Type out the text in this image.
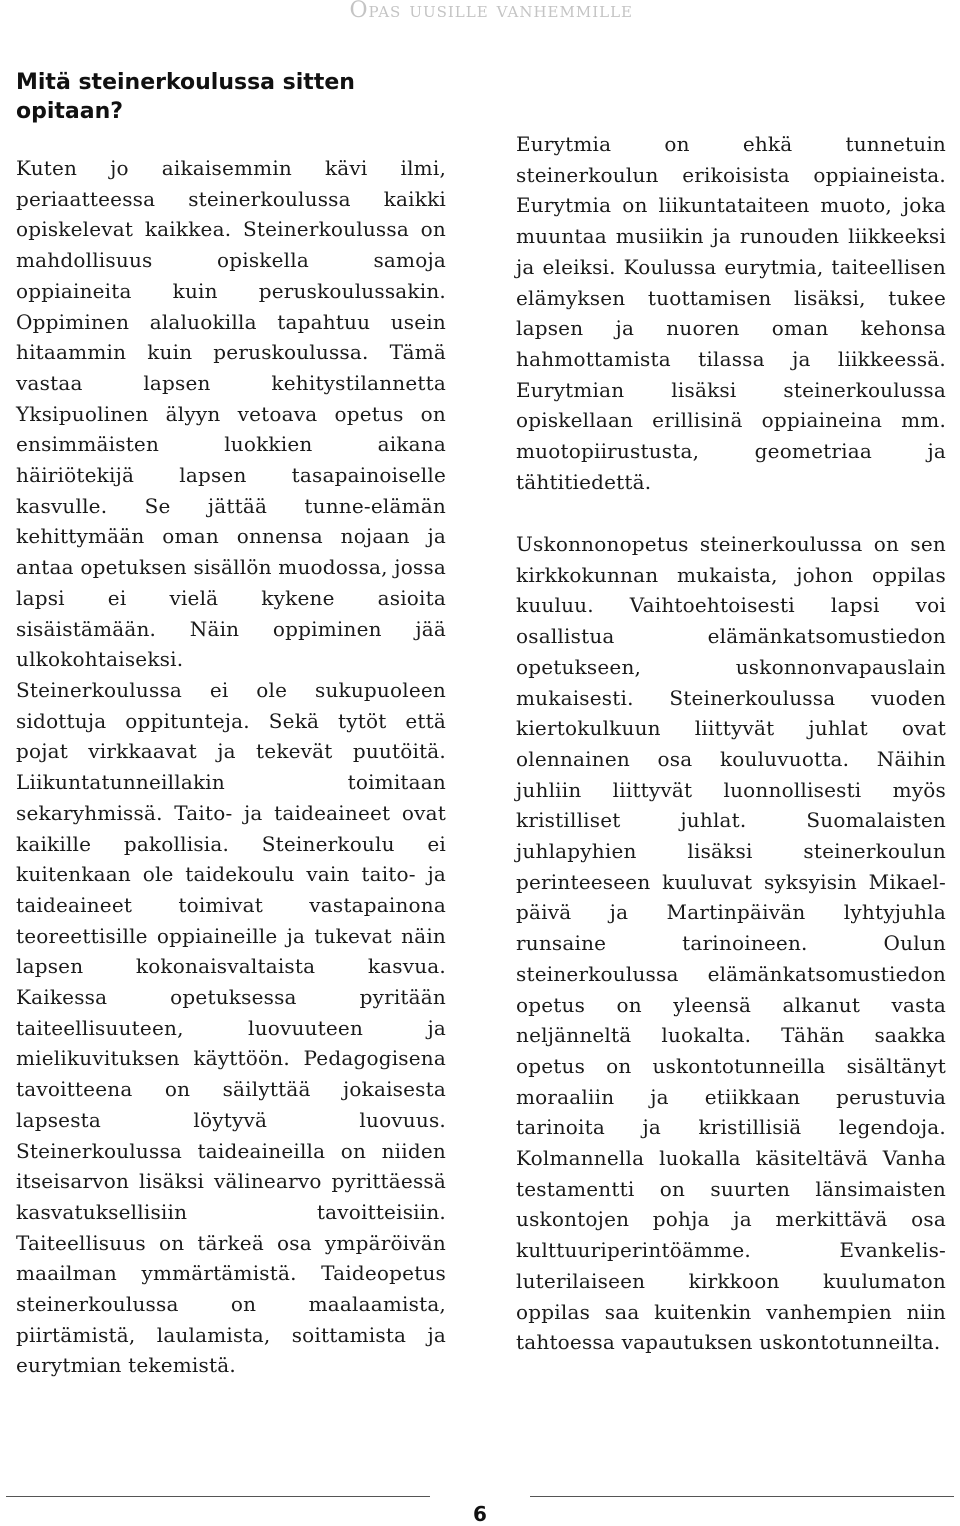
Opas uusille vanhemmille
Mitä steinerkoulussa sitten opitaan?

Kuten jo aikaisemmin kävi ilmi, periaatteessa steinerkoulussa kaikki opiskelevat kaikkea. Steinerkoulussa on mahdollisuus opiskella samoja oppiaineita kuin peruskoulussakin. Oppiminen alaluokilla tapahtuu usein hitaammin kuin peruskoulussa. Tämä vastaa lapsen kehitystilannetta Yksipuolinen älyyn vetoava opetus on ensimmäisten luokkien aikana häiriötekijä lapsen tasapainoiselle kasvulle. Se jättää tunne-elämän kehittymään oman onnensa nojaan ja antaa opetuksen sisällön muodossa, jossa lapsi ei vielä kykene asioita sisäistämään. Näin oppiminen jää ulkokohtaiseksi.

Steinerkoulussa ei ole sukupuoleen sidottuja oppitunteja. Sekä tytöt että pojat virkkaavat ja tekevät puutöitä. Liikuntatunneillakin toimitaan sekaryhmissä. Taito- ja taideaineet ovat kaikille pakollisia. Steinerkoulu ei kuitenkaan ole taidekoulu vain taito- ja taideaineet toimivat vastapainona teoreettisille oppiaineille ja tukevat näin lapsen kokonaisvaltaista kasvua. Kaikessa opetuksessa pyritään taiteellisuuteen, luovuuteen ja mielikuvituksen käyttöön. Pedagogisena tavoitteena on säilyttää jokaisesta lapsesta löytyvä luovuus. Steinerkoulussa taideaineilla on niiden itseisarvon lisäksi välinearvo pyrittäessä kasvatuksellisiin tavoitteisiin. Taiteellisuus on tärkeä osa ympäröivän maailman ymmärtämistä. Taideopetus steinerkoulussa on maalaamista, piirtämistä, laulamista, soittamista ja eurytmian tekemistä.

Eurytmia on ehkä tunnetuin steinerkoulun erikoisista oppiaineista. Eurytmia on liikuntataiteen muoto, joka muuntaa musiikin ja runouden liikkeeksi ja eleiksi. Koulussa eurytmia, taiteellisen elämyksen tuottamisen lisäksi, tukee lapsen ja nuoren oman kehonsa hahmottamista tilassa ja liikkeessä. Eurytmian lisäksi steinerkoulussa opiskellaan erillisinä oppiaineina mm. muotopiirustusta, geometriaa ja tähtitiedettä.

Uskonnonopetus steinerkoulussa on sen kirkkokunnan mukaista, johon oppilas kuuluu. Vaihtoehtoisesti lapsi voi osallistua elämänkatsomustiedon opetukseen, uskonnonvapauslain mukaisesti. Steinerkoulussa vuoden kiertokulkuun liittyvät juhlat ovat olennainen osa kouluvuotta. Näihin juhliin liittyvät luonnollisesti myös kristilliset juhlat. Suomalaisten juhlapyhien lisäksi steinerkoulun perinteeseen kuuluvat syksyisin Mikael-päivä ja Martinpäivän lyhtyjuhla runsaine tarinoineen. Oulun steinerkoulussa elämänkatsomustiedon opetus on yleensä alkanut vasta neljänneltä luokalta. Tähän saakka opetus on uskontotunneilla sisältänyt moraaliin ja etiikkaan perustuvia tarinoita ja kristillisiä legendoja. Kolmannella luokalla käsiteltävä Vanha testamentti on suurten länsimaisten uskontojen pohja ja merkittävä osa kulttuuriperintöämme. Evankelis-luterilaiseen kirkkoon kuulumaton oppilas saa kuitenkin vanhempien niin tahtoessa vapautuksen uskontotunneilta.

6
